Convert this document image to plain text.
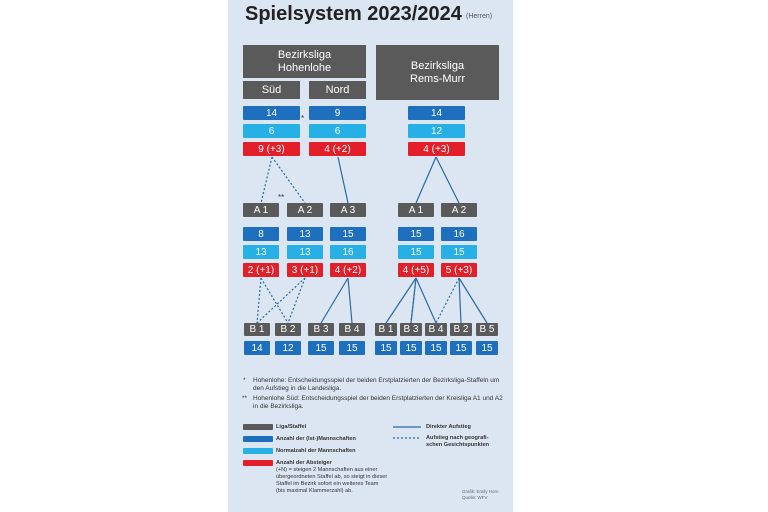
Spielsystem 2023/2024 (Herren)
Bezirksliga
Hohenlohe	Bezirksliga
Rems-Murr
Süd	Nord
14
6
9 (+3)
9
6
4 (+2)
*	14
12
4 (+3)
**
A 1
8
13
2 (+1)
A 2
13
13
3 (+1)
A 3
15
16
4 (+2)
A 1
15
15
4 (+5)
A 2
16
15
5 (+3)
B 1
14
B 2
12
B 3
15
B 4
15
B 1
15
B 3
15
B 4
15
B 2
15
B 5
15
*	Hohenlohe: Entscheidungsspiel der beiden Erstplatzierten der Bezirksliga-Staffeln um den Aufstieg in die Landesliga.
** Hohenlohe Süd: Entscheidungsspiel der beiden Erstplatzierten der Kreisliga A1 und A2 in die Bezirksliga.
Liga/Staffel
Anzahl der (Ist-)Mannschaften
Normalzahl der Mannschaften
Anzahl der Absteiger
(+N) = steigen 2 Mannschaften aus einer übergeordneten Staffel ab, so steigt in dieser Staffel im Bezirk sofort ein weiteres Team (bis maximal Klammerzahl) ab.
Direkter Aufstieg
Aufstieg nach geografi-schen Gesichtspunkten
Grafik: Emily Horn
Quelle: WFV
